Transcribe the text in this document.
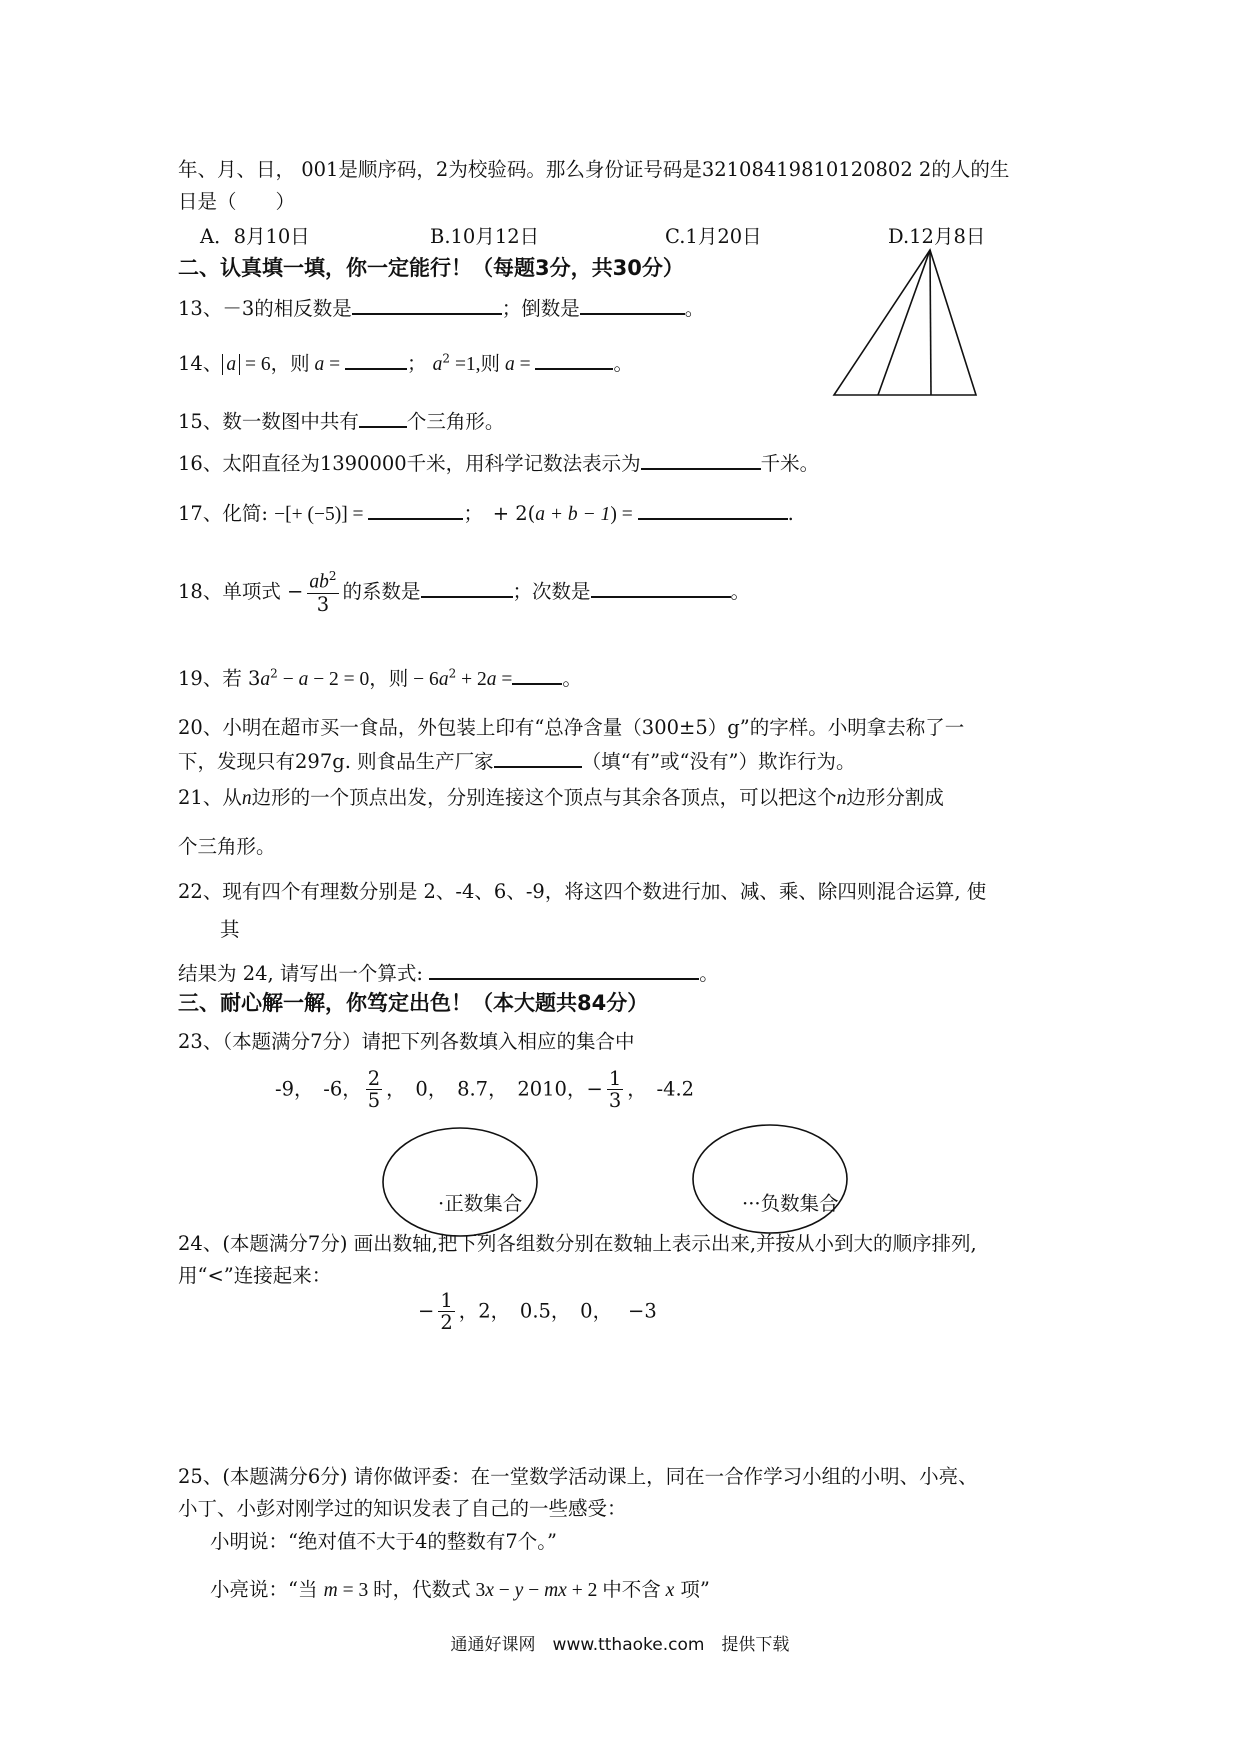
年、月、日， 001是顺序码，2为校验码。那么身份证号码是32108419810120802 2的人的生
日是（　　）
A．8月10日	B.10月12日	C.1月20日	D.12月8日
二、认真填一填，你一定能行！（每题3分，共30分）
13、－3的相反数是	；倒数是	。
14、 a = 6，则 a =	； $a^2 =1$,则 a =	。
15、数一数图中共有 个三角形。
16、太阳直径为1390000千米，用科学记数法表示为	千米。
17、化简: −[+ (−5)] =	；　+ 2(a + b − 1) =	.
18、单项式 − $\frac{ab^2}{3}$ 的系数是	；次数是	。
19、若 $3a^2 - a - 2 = 0$，则 − $6a^2 + 2a$ =	。
20、小明在超市买一食品，外包装上印有“总净含量（300±5）g”的字样。小明拿去称了一
下，发现只有297g. 则食品生产厂家	（填“有”或“没有”）欺诈行为。
21、从n边形的一个顶点出发，分别连接这个顶点与其余各顶点，可以把这个n边形分割成
个三角形。
22、现有四个有理数分别是 2、-4、6、-9，将这四个数进行加、减、乘、除四则混合运算, 使
其
结果为 24, 请写出一个算式:	。
三、耐心解一解，你笃定出色！（本大题共84分）
23、（本题满分7分）请把下列各数填入相应的集合中
-9，　-6， $\frac{2}{5}$ ，　0，　8.7，　2010，− $\frac{1}{3}$ ，　-4.2
·正数集合	···负数集合
24、(本题满分7分) 画出数轴,把下列各组数分别在数轴上表示出来,并按从小到大的顺序排列,
用“<”连接起来：
− $\frac{1}{2}$ ，2，　0.5，　0，　 −3
25、(本题满分6分) 请你做评委：在一堂数学活动课上，同在一合作学习小组的小明、小亮、
小丁、小彭对刚学过的知识发表了自己的一些感受：
小明说：“绝对值不大于4的整数有7个。”
小亮说：“当 m = 3 时，代数式 3x − y − mx + 2 中不含 x 项”
通通好课网　www.tthaoke.com　提供下载
